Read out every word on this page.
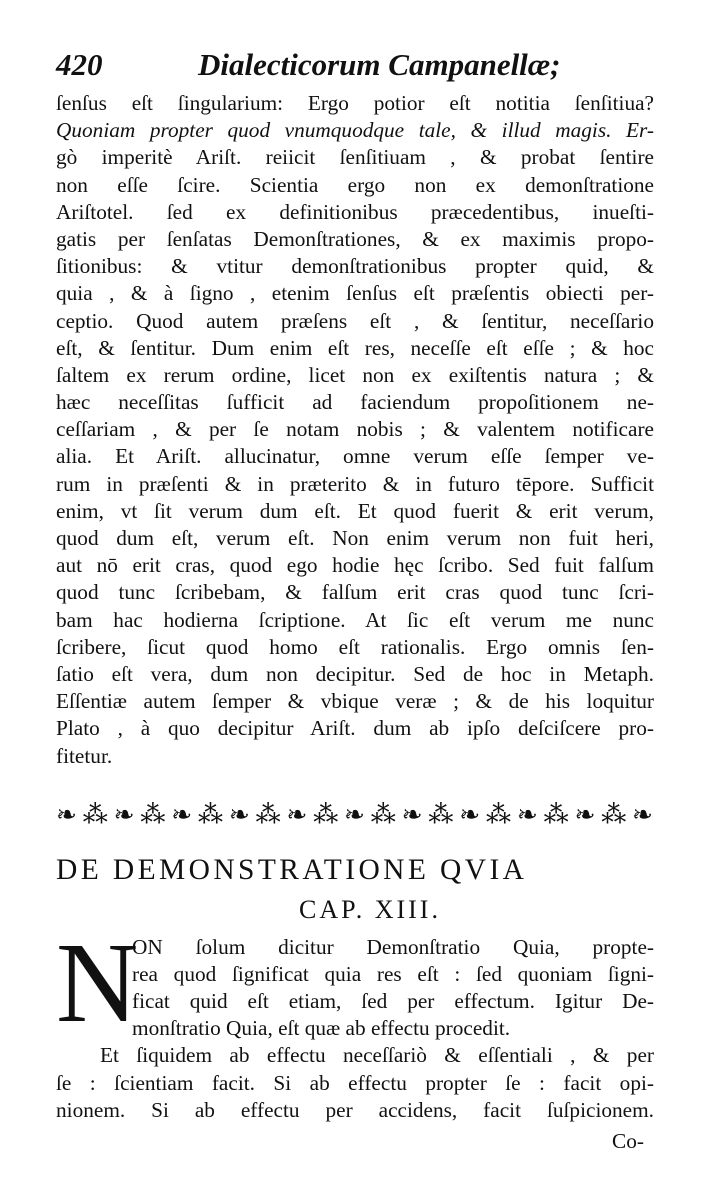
420	Dialecticorum Campanellæ;
ſenſus eſt ſingularium: Ergo potior eſt notitia ſenſitiua?
Quoniam propter quod vnumquodque tale, & illud magis. Er-
gò imperitè Ariſt. reiicit ſenſitiuam , & probat ſentire
non eſſe ſcire. Scientia ergo non ex demonſtratione
Ariſtotel. ſed ex definitionibus præcedentibus, inueſti-
gatis per ſenſatas Demonſtrationes, & ex maximis propo-
ſitionibus: & vtitur demonſtrationibus propter quid, &
quia , & à ſigno , etenim ſenſus eſt præſentis obiecti per-
ceptio. Quod autem præſens eſt , & ſentitur, neceſſario
eſt, & ſentitur. Dum enim eſt res, neceſſe eſt eſſe ; & hoc
ſaltem ex rerum ordine, licet non ex exiſtentis natura ; &
hæc neceſſitas ſufficit ad faciendum propoſitionem ne-
ceſſariam , & per ſe notam nobis ; & valentem notificare
alia. Et Ariſt. allucinatur, omne verum eſſe ſemper ve-
rum in præſenti & in præterito & in futuro tēpore. Sufficit
enim, vt ſit verum dum eſt. Et quod fuerit & erit verum,
quod dum eſt, verum eſt. Non enim verum non fuit heri,
aut nō erit cras, quod ego hodie hęc ſcribo. Sed fuit falſum
quod tunc ſcribebam, & falſum erit cras quod tunc ſcri-
bam hac hodierna ſcriptione. At ſic eſt verum me nunc
ſcribere, ſicut quod homo eſt rationalis. Ergo omnis ſen-
ſatio eſt vera, dum non decipitur. Sed de hoc in Metaph.
Eſſentiæ autem ſemper & vbique veræ ; & de his loquitur
Plato , à quo decipitur Ariſt. dum ab ipſo deſciſcere pro-
fitetur.
❧⁂❧⁂❧⁂❧⁂❧⁂❧⁂❧⁂❧⁂❧⁂❧⁂❧
DE DEMONSTRATIONE QVIA
CAP. XIII.
N
ON ſolum dicitur Demonſtratio Quia, propte-
rea quod ſignificat quia res eſt : ſed quoniam ſigni-
ficat quid eſt etiam, ſed per effectum. Igitur De-
monſtratio Quia, eſt quæ ab effectu procedit.
Et ſiquidem ab effectu neceſſariò & eſſentiali , & per
ſe : ſcientiam facit. Si ab effectu propter ſe : facit opi-
nionem. Si ab effectu per accidens, facit ſuſpicionem.
Co-
